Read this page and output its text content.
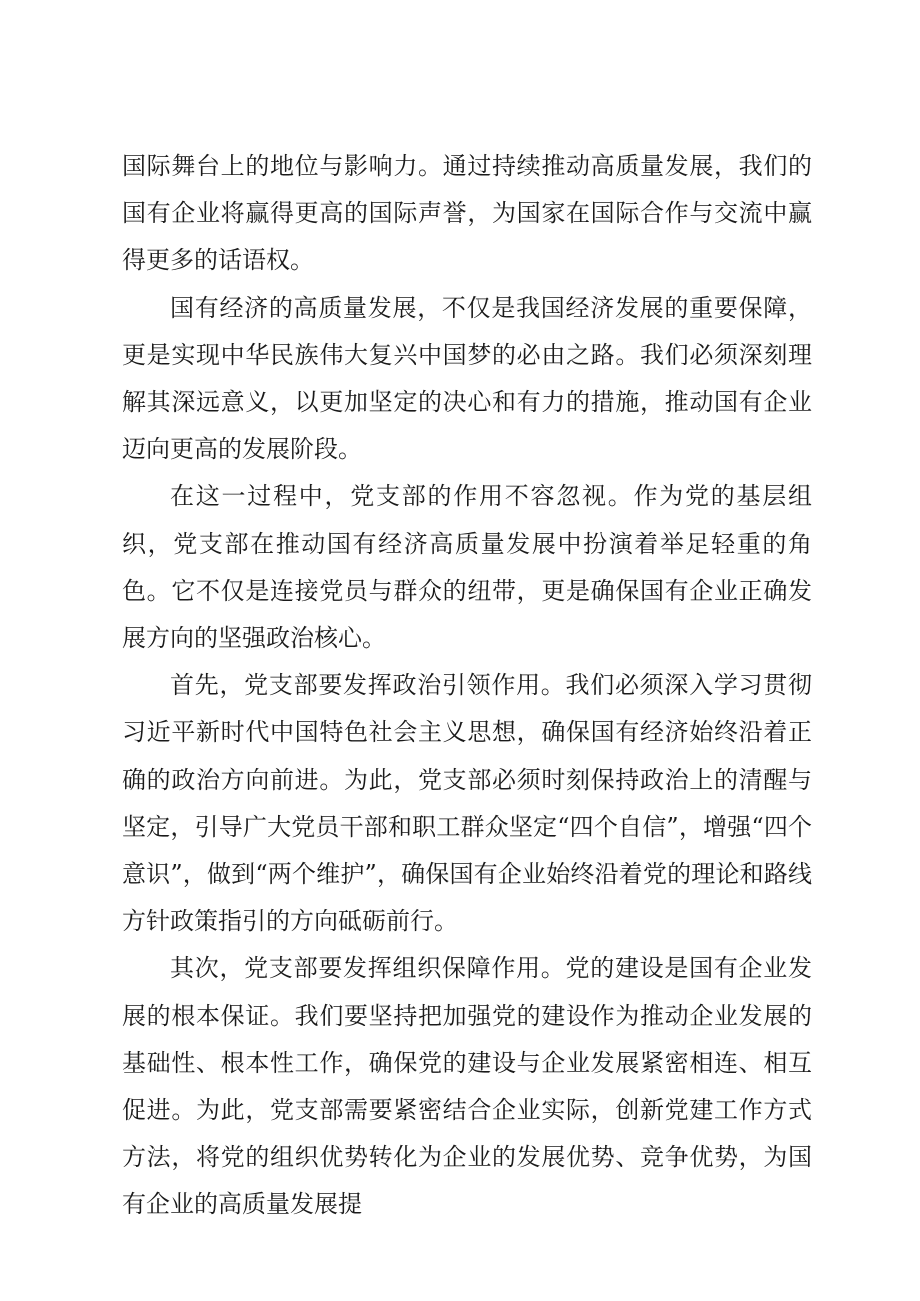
国际舞台上的地位与影响力。通过持续推动高质量发展，我们的国有企业将赢得更高的国际声誉，为国家在国际合作与交流中赢得更多的话语权。

国有经济的高质量发展，不仅是我国经济发展的重要保障，更是实现中华民族伟大复兴中国梦的必由之路。我们必须深刻理解其深远意义，以更加坚定的决心和有力的措施，推动国有企业迈向更高的发展阶段。

在这一过程中，党支部的作用不容忽视。作为党的基层组织，党支部在推动国有经济高质量发展中扮演着举足轻重的角色。它不仅是连接党员与群众的纽带，更是确保国有企业正确发展方向的坚强政治核心。

首先，党支部要发挥政治引领作用。我们必须深入学习贯彻习近平新时代中国特色社会主义思想，确保国有经济始终沿着正确的政治方向前进。为此，党支部必须时刻保持政治上的清醒与坚定，引导广大党员干部和职工群众坚定“四个自信”，增强“四个意识”，做到“两个维护”，确保国有企业始终沿着党的理论和路线方针政策指引的方向砥砺前行。

其次，党支部要发挥组织保障作用。党的建设是国有企业发展的根本保证。我们要坚持把加强党的建设作为推动企业发展的基础性、根本性工作，确保党的建设与企业发展紧密相连、相互促进。为此，党支部需要紧密结合企业实际，创新党建工作方式方法，将党的组织优势转化为企业的发展优势、竞争优势，为国有企业的高质量发展提
